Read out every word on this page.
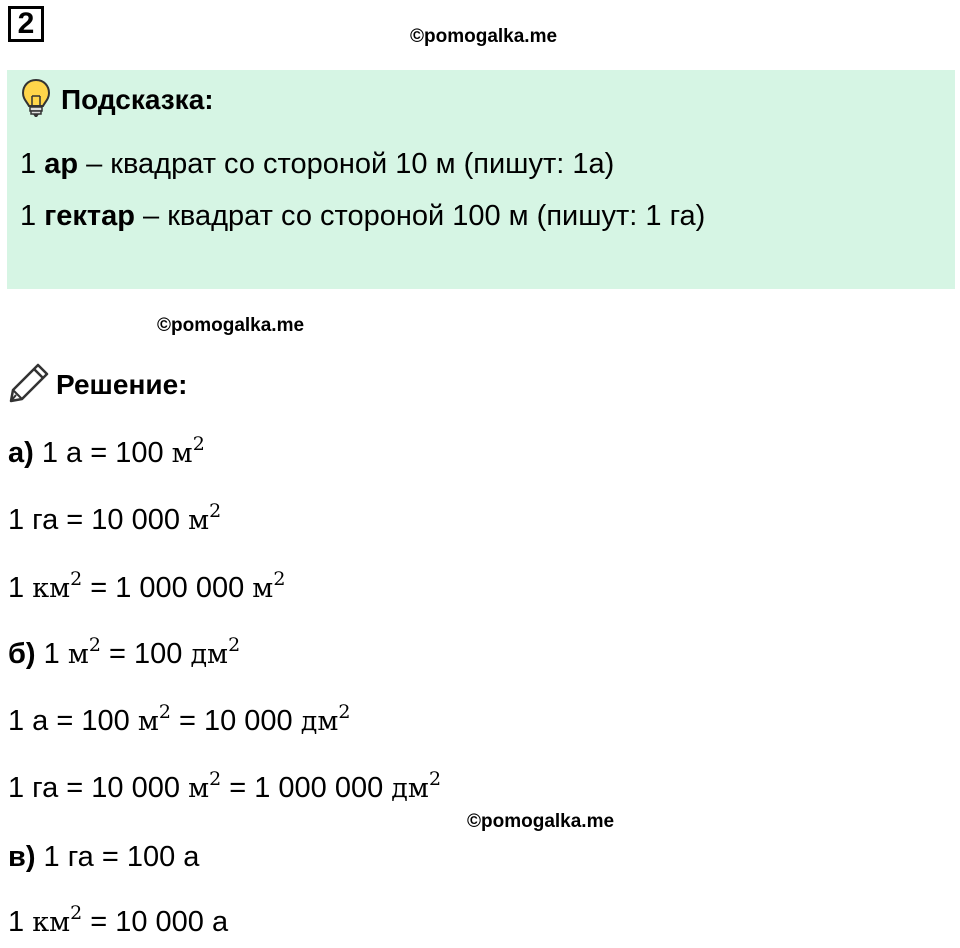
2	©pomogalka.me
Подсказка:
1 ар – квадрат со стороной 10 м (пишут: 1а)
1 гектар – квадрат со стороной 100 м (пишут: 1 га)
©pomogalka.me
Решение:
а) 1 а = 100 $м^2$
1 га = 10 000 $м^2$
1 $км^2 = 1$ 000 000 $м^2$
б) 1 $м^2 = 100$ $дм^2$
1 а = 100 $м^2 = 10$ 000 $дм^2$
1 га = 10 000 $м^2 = 1$ 000 000 $дм^2$
©pomogalka.me
в) 1 га = 100 а
1 $км^2 = 10$ 000 а
